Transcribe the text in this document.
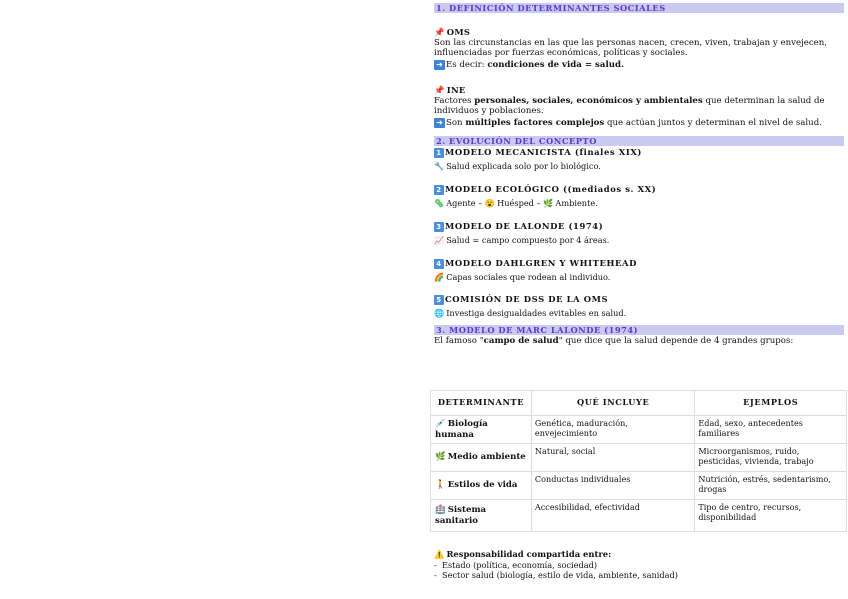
1. DEFINICIÓN DETERMINANTES SOCIALES
📌 OMS
Son las circunstancias en las que las personas nacen, crecen, viven, trabajan y envejecen, influenciadas por fuerzas económicas, políticas y sociales.
➜ Es decir: condiciones de vida = salud.
📌 INE
Factores personales, sociales, económicos y ambientales que determinan la salud de individuos y poblaciones.
➜ Son múltiples factores complejos que actúan juntos y determinan el nivel de salud.
2. EVOLUCIÓN DEL CONCEPTO
1 MODELO MECANICISTA (finales XIX)
🔧 Salud explicada solo por lo biológico.
2 MODELO ECOLÓGICO ((mediados s. XX)
🦠 Agente – 😮 Huésped – 🌿 Ambiente.
3 MODELO DE LALONDE (1974)
📈 Salud = campo compuesto por 4 áreas.
4 MODELO DAHLGREN Y WHITEHEAD
🌈 Capas sociales que rodean al individuo.
5 COMISIÓN DE DSS DE LA OMS
🌐 Investiga desigualdades evitables en salud.
3. MODELO DE MARC LALONDE (1974)
El famoso "campo de salud" que dice que la salud depende de 4 grandes grupos:
DETERMINANTE	QUÉ INCLUYE	EJEMPLOS
💉 Biología humana	Genética, maduración, envejecimiento	Edad, sexo, antecedentes familiares
🌿 Medio ambiente	Natural, social	Microorganismos, ruido, pesticidas, vivienda, trabajo
🚶 Estilos de vida	Conductas individuales	Nutrición, estrés, sedentarismo, drogas
🏥 Sistema sanitario	Accesibilidad, efectividad	Tipo de centro, recursos, disponibilidad
⚠️ Responsabilidad compartida entre:
-  Estado (política, economía, sociedad)
-  Sector salud (biología, estilo de vida, ambiente, sanidad)
